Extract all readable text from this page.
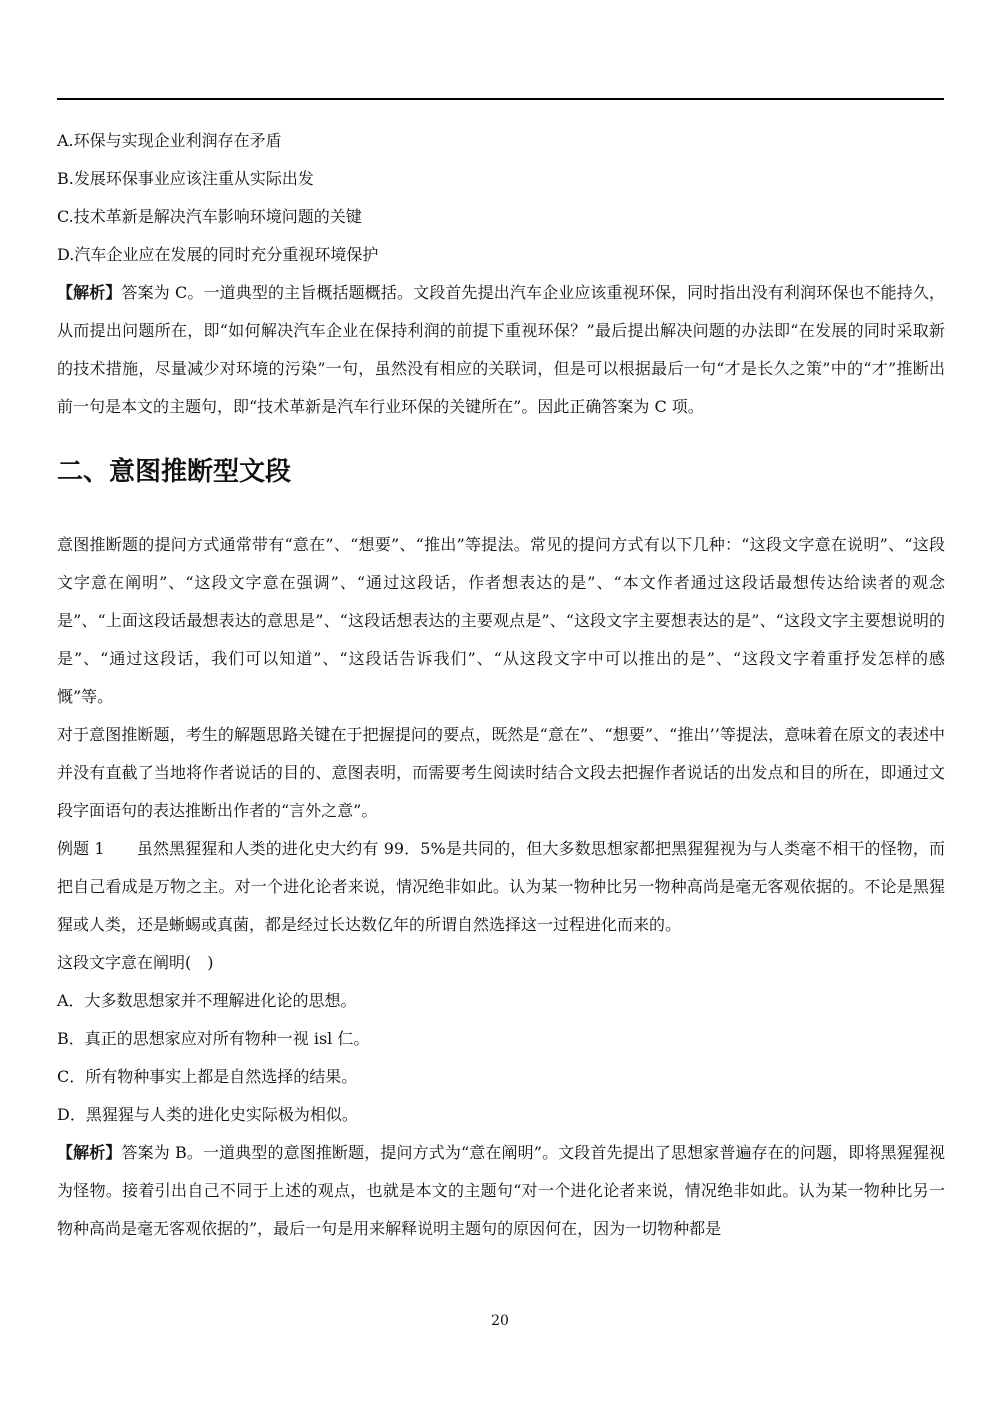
A.环保与实现企业利润存在矛盾
B.发展环保事业应该注重从实际出发
C.技术革新是解决汽车影响环境问题的关键
D.汽车企业应在发展的同时充分重视环境保护
【解析】答案为 C。一道典型的主旨概括题概括。文段首先提出汽车企业应该重视环保，同时指出没有利润环保也不能持久，从而提出问题所在，即“如何解决汽车企业在保持利润的前提下重视环保？”最后提出解决问题的办法即“在发展的同时采取新的技术措施，尽量减少对环境的污染”一句，虽然没有相应的关联词，但是可以根据最后一句“才是长久之策”中的“才”推断出前一句是本文的主题句，即“技术革新是汽车行业环保的关键所在”。因此正确答案为 C 项。
二、意图推断型文段
意图推断题的提问方式通常带有“意在”、“想要”、“推出”等提法。常见的提问方式有以下几种：“这段文字意在说明”、“这段文字意在阐明”、“这段文字意在强调”、“通过这段话，作者想表达的是”、“本文作者通过这段话最想传达给读者的观念是”、“上面这段话最想表达的意思是”、“这段话想表达的主要观点是”、“这段文字主要想表达的是”、“这段文字主要想说明的是”、“通过这段话，我们可以知道”、“这段话告诉我们”、“从这段文字中可以推出的是”、“这段文字着重抒发怎样的感慨”等。
对于意图推断题，考生的解题思路关键在于把握提问的要点，既然是“意在”、“想要”、“推出’’等提法，意味着在原文的表述中并没有直截了当地将作者说话的目的、意图表明，而需要考生阅读时结合文段去把握作者说话的出发点和目的所在，即通过文段字面语句的表达推断出作者的“言外之意”。
例题 1　　虽然黑猩猩和人类的进化史大约有 99．5%是共同的，但大多数思想家都把黑猩猩视为与人类毫不相干的怪物，而把自己看成是万物之主。对一个进化论者来说，情况绝非如此。认为某一物种比另一物种高尚是毫无客观依据的。不论是黑猩猩或人类，还是蜥蜴或真菌，都是经过长达数亿年的所谓自然选择这一过程进化而来的。
这段文字意在阐明(　)
A．大多数思想家并不理解进化论的思想。
B．真正的思想家应对所有物种一视 isl 仁。
C．所有物种事实上都是自然选择的结果。
D．黑猩猩与人类的进化史实际极为相似。
【解析】答案为 B。一道典型的意图推断题，提问方式为“意在阐明”。文段首先提出了思想家普遍存在的问题，即将黑猩猩视为怪物。接着引出自己不同于上述的观点，也就是本文的主题句“对一个进化论者来说，情况绝非如此。认为某一物种比另一物种高尚是毫无客观依据的”，最后一句是用来解释说明主题句的原因何在，因为一切物种都是
20
